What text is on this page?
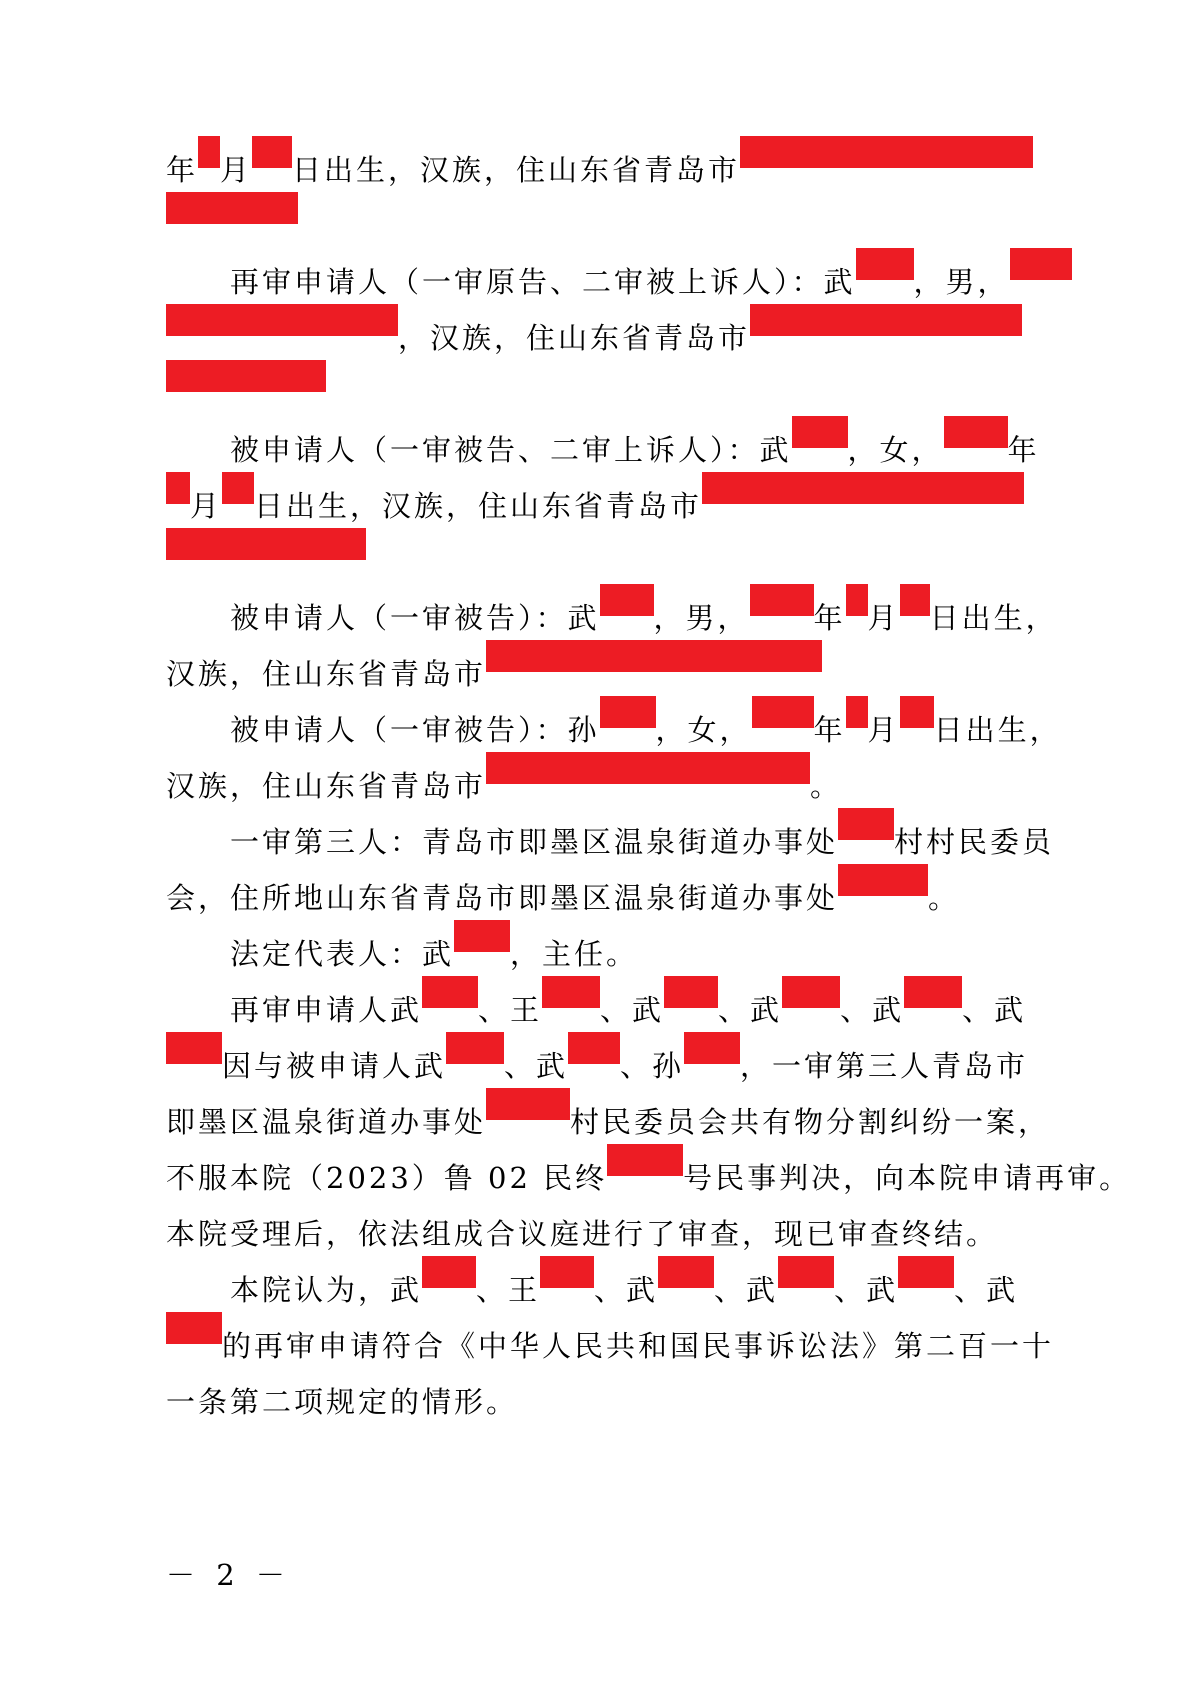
年 月 日出生，汉族，住山东省青岛市
再审申请人（一审原告、二审被上诉人）：武 ，男，
，汉族，住山东省青岛市
被申请人（一审被告、二审上诉人）：武 ，女， 年
月 日出生，汉族，住山东省青岛市
被申请人（一审被告）：武 ，男， 年 月 日出生，
汉族，住山东省青岛市
被申请人（一审被告）：孙 ，女， 年 月 日出生，
汉族，住山东省青岛市	。
一审第三人：青岛市即墨区温泉街道办事处 村村民委员
会，住所地山东省青岛市即墨区温泉街道办事处	。
法定代表人：武 ，主任。
再审申请人武 、王 、武 、武 、武 、武
因与被申请人武 、武 、孙 ，一审第三人青岛市
即墨区温泉街道办事处	村民委员会共有物分割纠纷一案，
不服本院（2023）鲁 02 民终	号民事判决，向本院申请再审。
本院受理后，依法组成合议庭进行了审查，现已审查终结。
本院认为，武 、王 、武 、武 、武 、武
的再审申请符合《中华人民共和国民事诉讼法》第二百一十
一条第二项规定的情形。
－ 2 －
